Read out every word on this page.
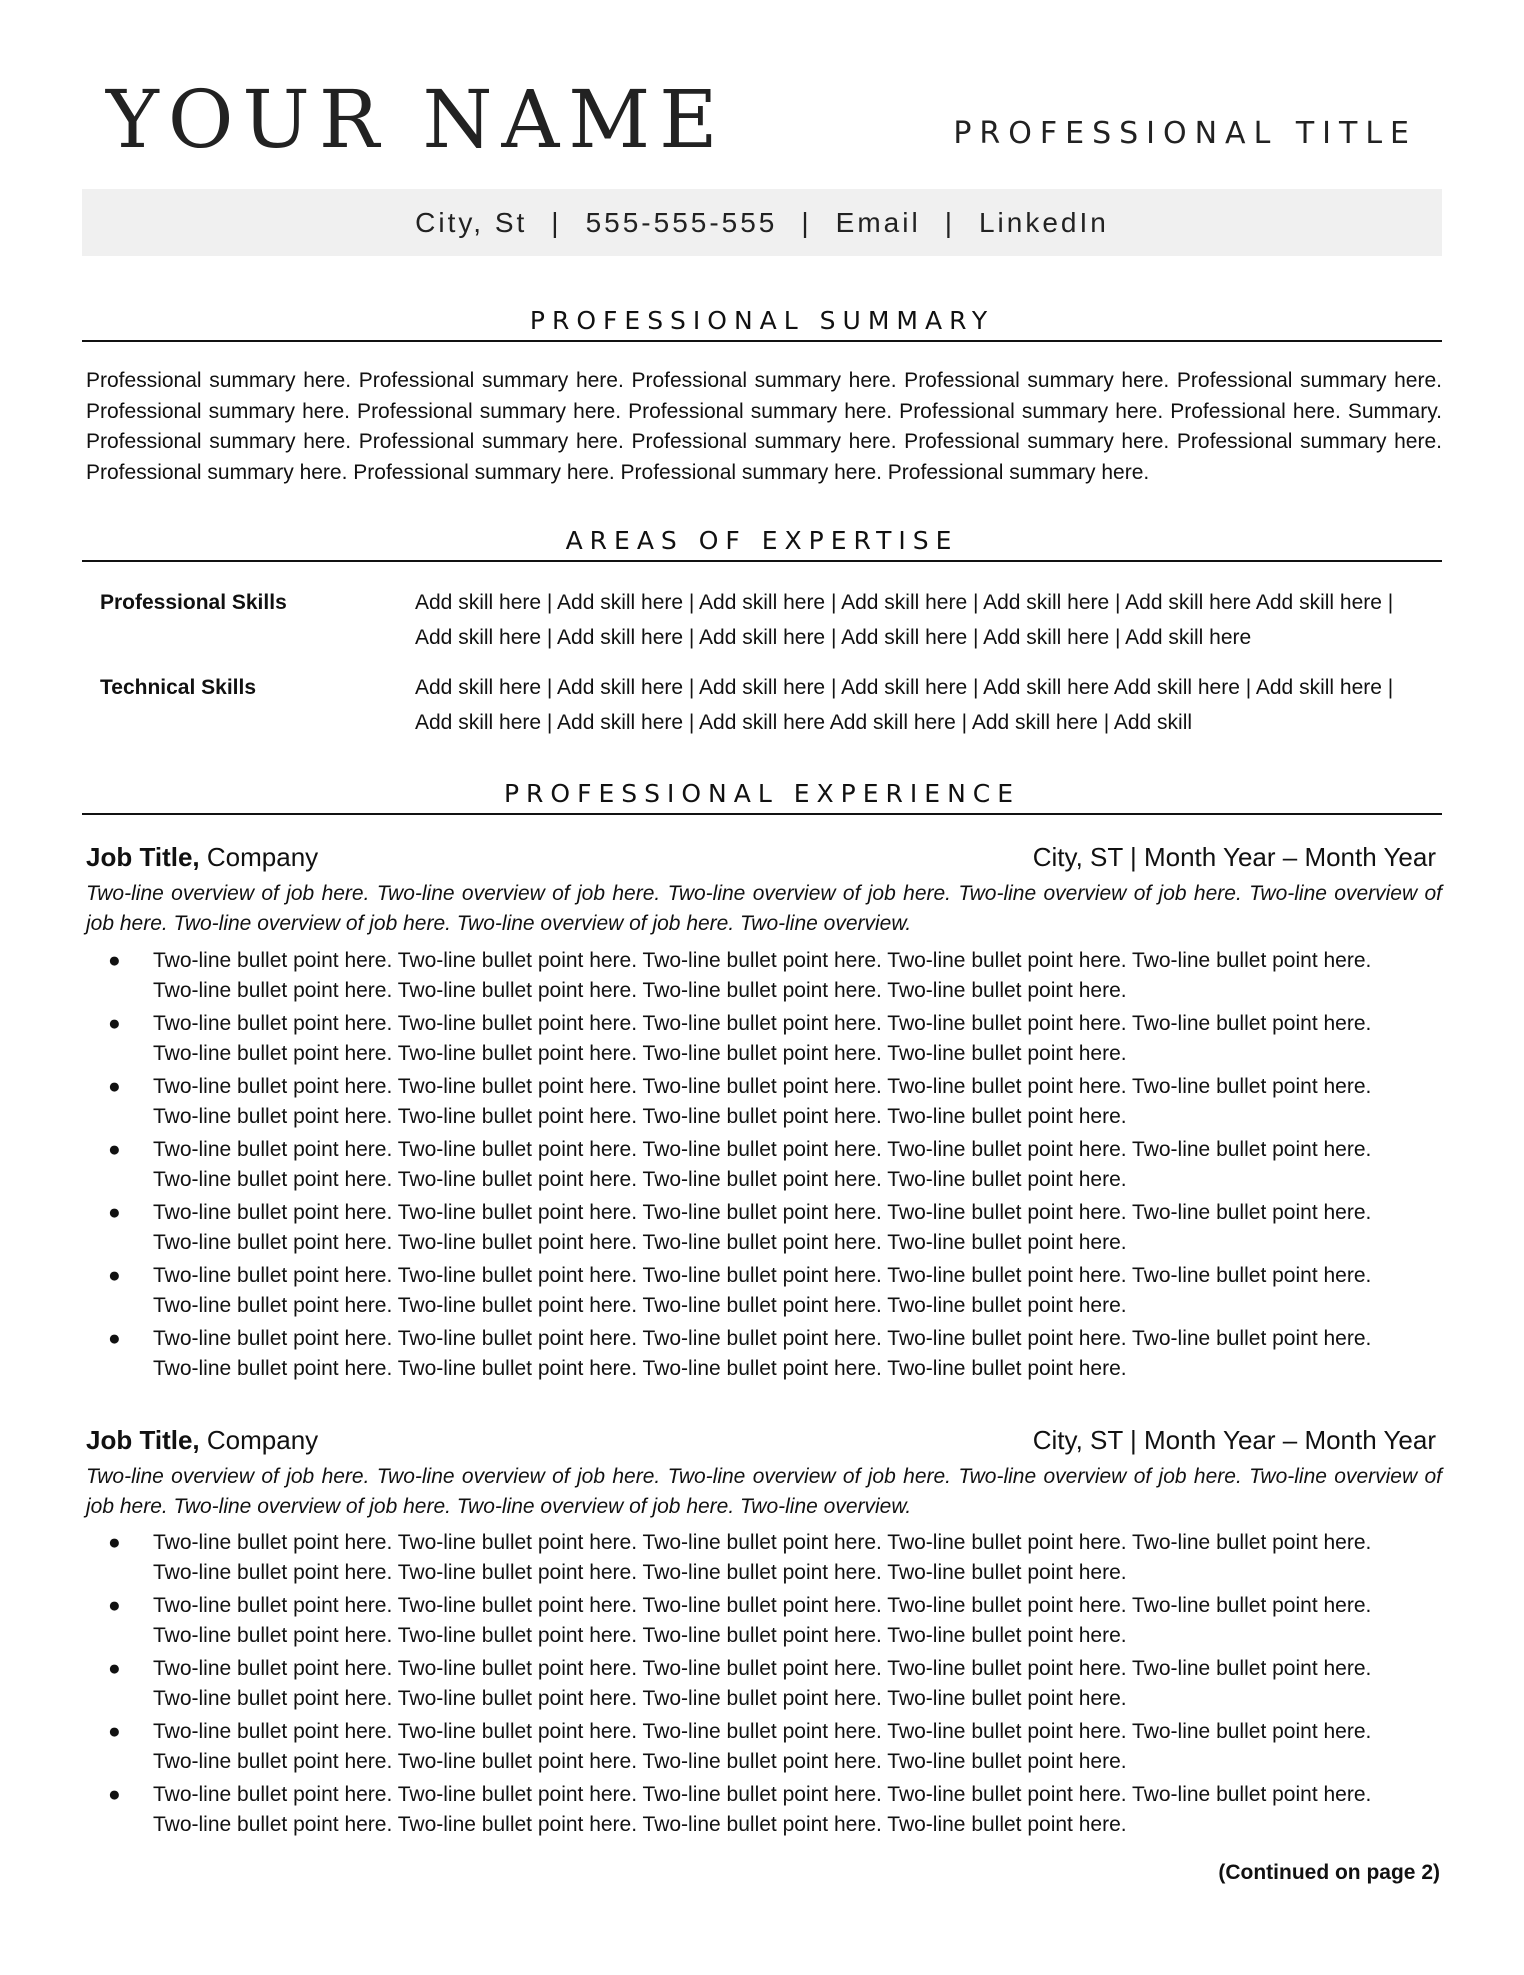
YOUR NAME	PROFESSIONAL TITLE
City, St | 555-555-555 | Email | LinkedIn
PROFESSIONAL SUMMARY
Professional summary here. Professional summary here. Professional summary here. Professional summary here. Professional summary here. Professional summary here. Professional summary here. Professional summary here. Professional summary here. Professional here. Summary. Professional summary here. Professional summary here. Professional summary here. Professional summary here. Professional summary here. Professional summary here. Professional summary here. Professional summary here. Professional summary here.
AREAS OF EXPERTISE
Professional Skills	Add skill here | Add skill here | Add skill here | Add skill here | Add skill here | Add skill here Add skill here | Add skill here | Add skill here | Add skill here | Add skill here | Add skill here | Add skill here
Technical Skills	Add skill here | Add skill here | Add skill here | Add skill here | Add skill here Add skill here | Add skill here | Add skill here | Add skill here | Add skill here Add skill here | Add skill here | Add skill
PROFESSIONAL EXPERIENCE
Job Title, Company	City, ST | Month Year – Month Year
Two-line overview of job here. Two-line overview of job here. Two-line overview of job here. Two-line overview of job here. Two-line overview of job here. Two-line overview of job here. Two-line overview of job here. Two-line overview.
● Two-line bullet point here. Two-line bullet point here. Two-line bullet point here. Two-line bullet point here. Two-line bullet point here. Two-line bullet point here. Two-line bullet point here. Two-line bullet point here. Two-line bullet point here.
● Two-line bullet point here. Two-line bullet point here. Two-line bullet point here. Two-line bullet point here. Two-line bullet point here. Two-line bullet point here. Two-line bullet point here. Two-line bullet point here. Two-line bullet point here.
● Two-line bullet point here. Two-line bullet point here. Two-line bullet point here. Two-line bullet point here. Two-line bullet point here. Two-line bullet point here. Two-line bullet point here. Two-line bullet point here. Two-line bullet point here.
● Two-line bullet point here. Two-line bullet point here. Two-line bullet point here. Two-line bullet point here. Two-line bullet point here. Two-line bullet point here. Two-line bullet point here. Two-line bullet point here. Two-line bullet point here.
● Two-line bullet point here. Two-line bullet point here. Two-line bullet point here. Two-line bullet point here. Two-line bullet point here. Two-line bullet point here. Two-line bullet point here. Two-line bullet point here. Two-line bullet point here.
● Two-line bullet point here. Two-line bullet point here. Two-line bullet point here. Two-line bullet point here. Two-line bullet point here. Two-line bullet point here. Two-line bullet point here. Two-line bullet point here. Two-line bullet point here.
● Two-line bullet point here. Two-line bullet point here. Two-line bullet point here. Two-line bullet point here. Two-line bullet point here. Two-line bullet point here. Two-line bullet point here. Two-line bullet point here. Two-line bullet point here.
Job Title, Company	City, ST | Month Year – Month Year
Two-line overview of job here. Two-line overview of job here. Two-line overview of job here. Two-line overview of job here. Two-line overview of job here. Two-line overview of job here. Two-line overview of job here. Two-line overview.
● Two-line bullet point here. Two-line bullet point here. Two-line bullet point here. Two-line bullet point here. Two-line bullet point here. Two-line bullet point here. Two-line bullet point here. Two-line bullet point here. Two-line bullet point here.
● Two-line bullet point here. Two-line bullet point here. Two-line bullet point here. Two-line bullet point here. Two-line bullet point here. Two-line bullet point here. Two-line bullet point here. Two-line bullet point here. Two-line bullet point here.
● Two-line bullet point here. Two-line bullet point here. Two-line bullet point here. Two-line bullet point here. Two-line bullet point here. Two-line bullet point here. Two-line bullet point here. Two-line bullet point here. Two-line bullet point here.
● Two-line bullet point here. Two-line bullet point here. Two-line bullet point here. Two-line bullet point here. Two-line bullet point here. Two-line bullet point here. Two-line bullet point here. Two-line bullet point here. Two-line bullet point here.
● Two-line bullet point here. Two-line bullet point here. Two-line bullet point here. Two-line bullet point here. Two-line bullet point here. Two-line bullet point here. Two-line bullet point here. Two-line bullet point here. Two-line bullet point here.
(Continued on page 2)
